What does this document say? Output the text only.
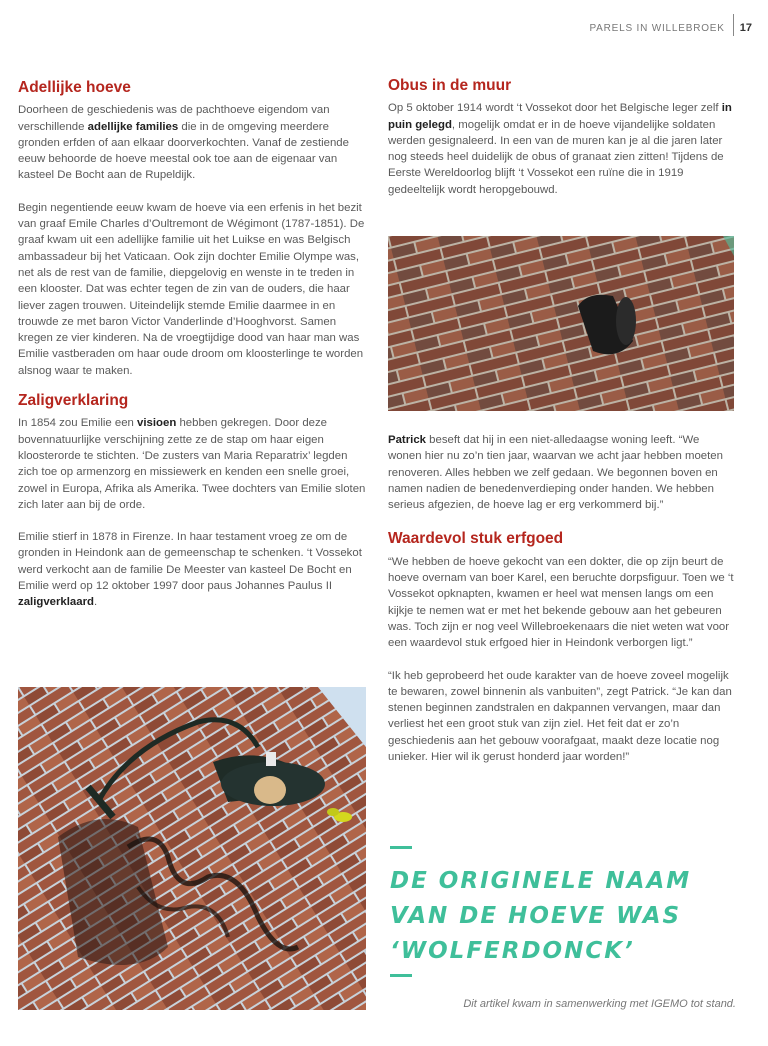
PARELS IN WILLEBROEK	17
Adellijke hoeve

Doorheen de geschiedenis was de pachthoeve eigendom van verschillende adellijke families die in de omgeving meerdere gronden erfden of aan elkaar doorverkochten. Vanaf de zestiende eeuw behoorde de hoeve meestal ook toe aan de eigenaar van kasteel De Bocht aan de Rupeldijk.

Begin negentiende eeuw kwam de hoeve via een erfenis in het bezit van graaf Emile Charles d’Oultremont de Wégimont (1787-1851). De graaf kwam uit een adellijke familie uit het Luikse en was Belgisch ambassadeur bij het Vaticaan. Ook zijn dochter Emilie Olympe was, net als de rest van de familie, diepgelovig en wenste in te treden in een klooster. Dat was echter tegen de zin van de ouders, die haar liever zagen trouwen. Uiteindelijk stemde Emilie daarmee in en trouwde ze met baron Victor Vanderlinde d’Hooghvorst. Samen kregen ze vier kinderen. Na de vroegtijdige dood van haar man was Emilie vastberaden om haar oude droom om kloosterlinge te worden alsnog waar te maken.

Zaligverklaring

In 1854 zou Emilie een visioen hebben gekregen. Door deze bovennatuurlijke verschijning zette ze de stap om haar eigen kloosterorde te stichten. ‘De zusters van Maria Reparatrix’ legden zich toe op armenzorg en missiewerk en kenden een snelle groei, zowel in Europa, Afrika als Amerika. Twee dochters van Emilie sloten zich later aan bij de orde.

Emilie stierf in 1878 in Firenze. In haar testament vroeg ze om de gronden in Heindonk aan de gemeenschap te schenken. ‘t Vossekot werd verkocht aan de familie De Meester van kasteel De Bocht en Emilie werd op 12 oktober 1997 door paus Johannes Paulus II zaligverklaard.

Obus in de muur

Op 5 oktober 1914 wordt ‘t Vossekot door het Belgische leger zelf in puin gelegd, mogelijk omdat er in de hoeve vijandelijke soldaten werden gesignaleerd. In een van de muren kan je al die jaren later nog steeds heel duidelijk de obus of granaat zien zitten! Tijdens de Eerste Wereldoorlog blijft ‘t Vossekot een ruïne die in 1919 gedeeltelijk wordt heropgebouwd.

Patrick beseft dat hij in een niet-alledaagse woning leeft. “We wonen hier nu zo’n tien jaar, waarvan we acht jaar hebben moeten renoveren. Alles hebben we zelf gedaan. We begonnen boven en namen nadien de benedenverdieping onder handen. We hebben serieus afgezien, de hoeve lag er erg verkommerd bij.”

Waardevol stuk erfgoed

“We hebben de hoeve gekocht van een dokter, die op zijn beurt de hoeve overnam van boer Karel, een beruchte dorpsfiguur. Toen we ‘t Vossekot opknapten, kwamen er heel wat mensen langs om een kijkje te nemen wat er met het bekende gebouw aan het gebeuren was. Toch zijn er nog veel Willebroekenaars die niet weten wat voor een waardevol stuk erfgoed hier in Heindonk verborgen ligt.”

“Ik heb geprobeerd het oude karakter van de hoeve zoveel mogelijk te bewaren, zowel binnenin als vanbuiten”, zegt Patrick. “Je kan dan stenen beginnen zandstralen en dakpannen vervangen, maar dan verliest het een groot stuk van zijn ziel. Het feit dat er zo’n geschiedenis aan het gebouw voorafgaat, maakt deze locatie nog unieker. Hier wil ik gerust honderd jaar worden!”

DE ORIGINELE NAAM
VAN DE HOEVE WAS
‘WOLFERDONCK’
Dit artikel kwam in samenwerking met IGEMO tot stand.
